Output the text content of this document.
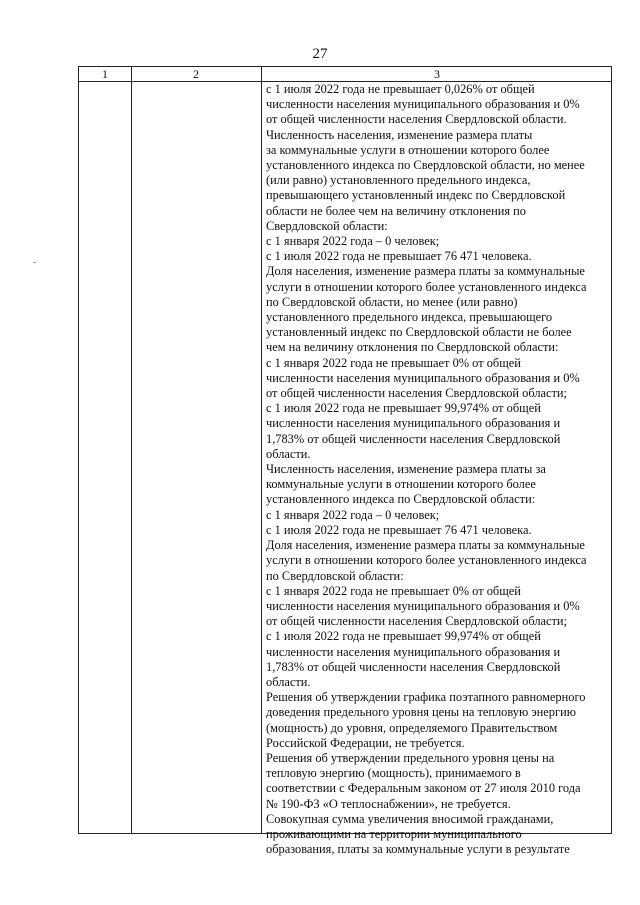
27
1	2	3

с 1 июля 2022 года не превышает 0,026% от общей

численности населения муниципального образования и 0%

от общей численности населения Свердловской области.

Численность населения, изменение размера платы

за коммунальные услуги в отношении которого более

установленного индекса по Свердловской области, но менее

(или равно) установленного предельного индекса,

превышающего установленный индекс по Свердловской

области не более чем на величину отклонения по

Свердловской области:

с 1 января 2022 года – 0 человек;

с 1 июля 2022 года не превышает 76 471 человека.

Доля населения, изменение размера платы за коммунальные

услуги в отношении которого более установленного индекса

по Свердловской области, но менее (или равно)

установленного предельного индекса, превышающего

установленный индекс по Свердловской области не более

чем на величину отклонения по Свердловской области:

с 1 января 2022 года не превышает 0% от общей

численности населения муниципального образования и 0%

от общей численности населения Свердловской области;

с 1 июля 2022 года не превышает 99,974% от общей

численности населения муниципального образования и

1,783% от общей численности населения Свердловской

области.

Численность населения, изменение размера платы за

коммунальные услуги в отношении которого более

установленного индекса по Свердловской области:

с 1 января 2022 года – 0 человек;

с 1 июля 2022 года не превышает 76 471 человека.

Доля населения, изменение размера платы за коммунальные

услуги в отношении которого более установленного индекса

по Свердловской области:

с 1 января 2022 года не превышает 0% от общей

численности населения муниципального образования и 0%

от общей численности населения Свердловской области;

с 1 июля 2022 года не превышает 99,974% от общей

численности населения муниципального образования и

1,783% от общей численности населения Свердловской

области.

Решения об утверждении графика поэтапного равномерного

доведения предельного уровня цены на тепловую энергию

(мощность) до уровня, определяемого Правительством

Российской Федерации, не требуется.

Решения об утверждении предельного уровня цены на

тепловую энергию (мощность), принимаемого в

соответствии с Федеральным законом от 27 июля 2010 года

№ 190-ФЗ «О теплоснабжении», не требуется.

Совокупная сумма увеличения вносимой гражданами,

проживающими на территории муниципального

образования, платы за коммунальные услуги в результате
